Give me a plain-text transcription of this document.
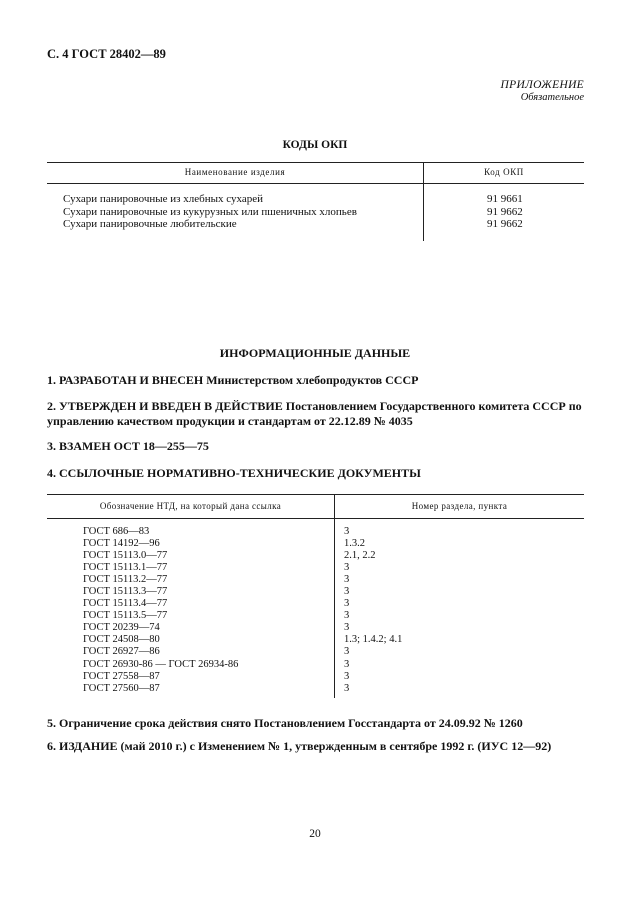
С. 4 ГОСТ 28402—89
ПРИЛОЖЕНИЕ
Обязательное
КОДЫ ОКП
Наименование изделия	Код ОКП
Сухари панировочные из хлебных сухарей
Сухари панировочные из кукурузных или пшеничных хлопьев
Сухари панировочные любительские
91 9661
91 9662
91 9662
ИНФОРМАЦИОННЫЕ ДАННЫЕ
1. РАЗРАБОТАН И ВНЕСЕН Министерством хлебопродуктов СССР
2. УТВЕРЖДЕН И ВВЕДЕН В ДЕЙСТВИЕ Постановлением Государственного комитета СССР по
управлению качеством продукции и стандартам от 22.12.89 № 4035
3. ВЗАМЕН ОСТ 18—255—75
4. ССЫЛОЧНЫЕ НОРМАТИВНО-ТЕХНИЧЕСКИЕ ДОКУМЕНТЫ
Обозначение НТД, на который дана ссылка	Номер раздела, пункта
ГОСТ 686—83
ГОСТ 14192—96
ГОСТ 15113.0—77
ГОСТ 15113.1—77
ГОСТ 15113.2—77
ГОСТ 15113.3—77
ГОСТ 15113.4—77
ГОСТ 15113.5—77
ГОСТ 20239—74
ГОСТ 24508—80
ГОСТ 26927—86
ГОСТ 26930-86 — ГОСТ 26934-86
ГОСТ 27558—87
ГОСТ 27560—87
3
1.3.2
2.1, 2.2
3
3
3
3
3
3
1.3; 1.4.2; 4.1
3
3
3
3
5. Ограничение срока действия снято Постановлением Госстандарта от 24.09.92 № 1260
6. ИЗДАНИЕ (май 2010 г.) с Изменением № 1, утвержденным в сентябре 1992 г. (ИУС 12—92)
20
